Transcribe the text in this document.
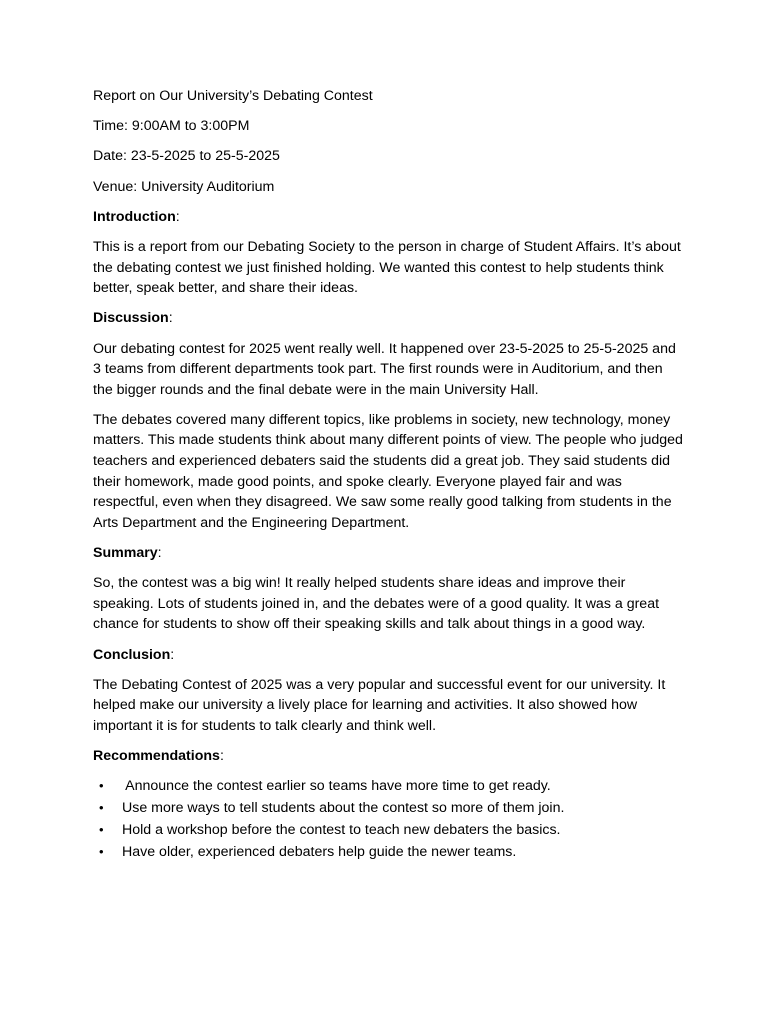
Report on Our University’s Debating Contest

Time: 9:00AM to 3:00PM

Date: 23-5-2025 to 25-5-2025

Venue: University Auditorium

Introduction:

This is a report from our Debating Society to the person in charge of Student Affairs. It’s about the debating contest we just finished holding. We wanted this contest to help students think better, speak better, and share their ideas.

Discussion:

Our debating contest for 2025 went really well. It happened over 23-5-2025 to 25-5-2025 and 3 teams from different departments took part. The first rounds were in Auditorium, and then the bigger rounds and the final debate were in the main University Hall.

The debates covered many different topics, like problems in society, new technology, money matters. This made students think about many different points of view. The people who judged teachers and experienced debaters said the students did a great job. They said students did their homework, made good points, and spoke clearly. Everyone played fair and was respectful, even when they disagreed. We saw some really good talking from students in the Arts Department and the Engineering Department.

Summary:

So, the contest was a big win! It really helped students share ideas and improve their speaking. Lots of students joined in, and the debates were of a good quality. It was a great chance for students to show off their speaking skills and talk about things in a good way.

Conclusion:

The Debating Contest of 2025 was a very popular and successful event for our university. It helped make our university a lively place for learning and activities. It also showed how important it is for students to talk clearly and think well.

Recommendations:

• Announce the contest earlier so teams have more time to get ready.
• Use more ways to tell students about the contest so more of them join.
• Hold a workshop before the contest to teach new debaters the basics.
• Have older, experienced debaters help guide the newer teams.
